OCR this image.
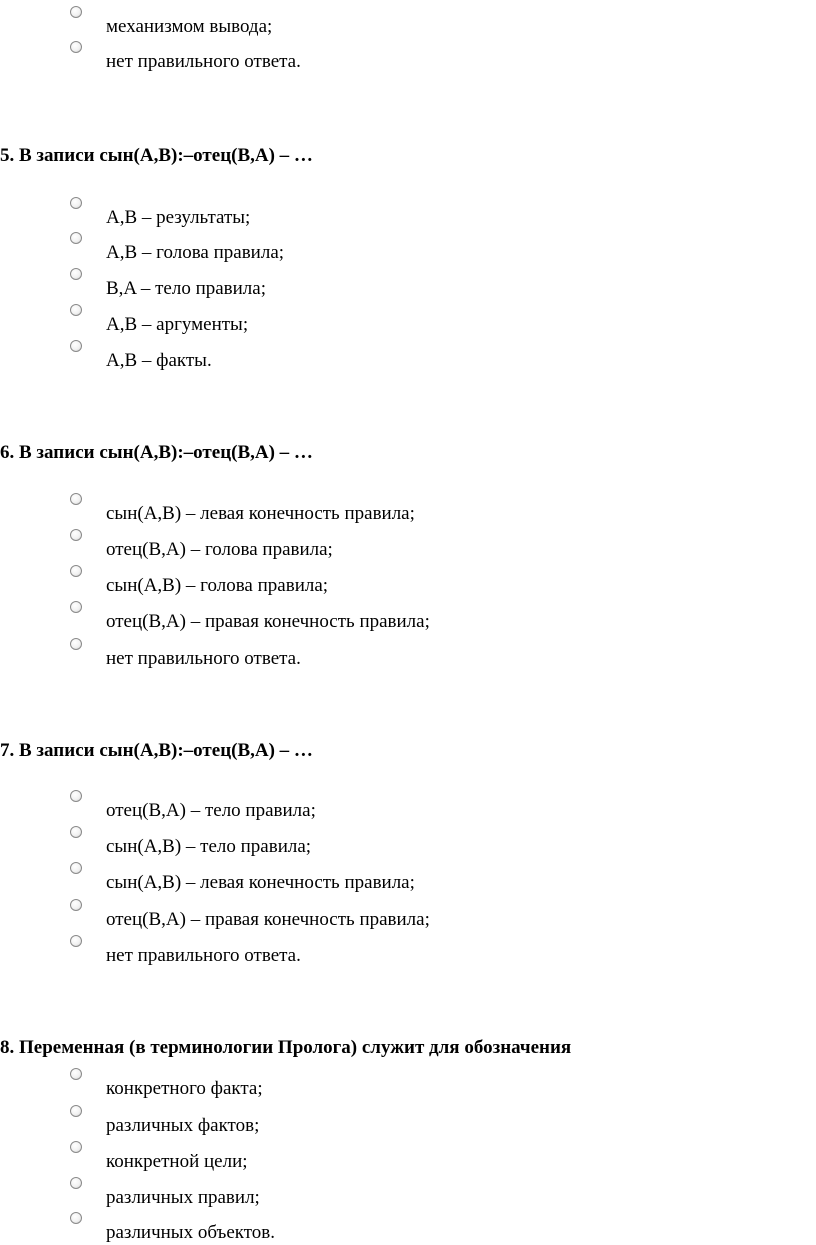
механизмом вывода;
нет правильного ответа.
5. В записи сын(A,B):–отец(B,A) – …
A,B – результаты;
A,B – голова правила;
B,A – тело правила;
A,B – аргументы;
A,B – факты.
6. В записи сын(A,B):–отец(B,A) – …
сын(A,B) – левая конечность правила;
отец(B,A) – голова правила;
сын(A,B) – голова правила;
отец(B,A) – правая конечность правила;
нет правильного ответа.
7. В записи сын(A,B):–отец(B,A) – …
отец(B,A) – тело правила;
сын(A,B) – тело правила;
сын(A,B) – левая конечность правила;
отец(B,A) – правая конечность правила;
нет правильного ответа.
8. Переменная (в терминологии Пролога) служит для обозначения
конкретного факта;
различных фактов;
конкретной цели;
различных правил;
различных объектов.
